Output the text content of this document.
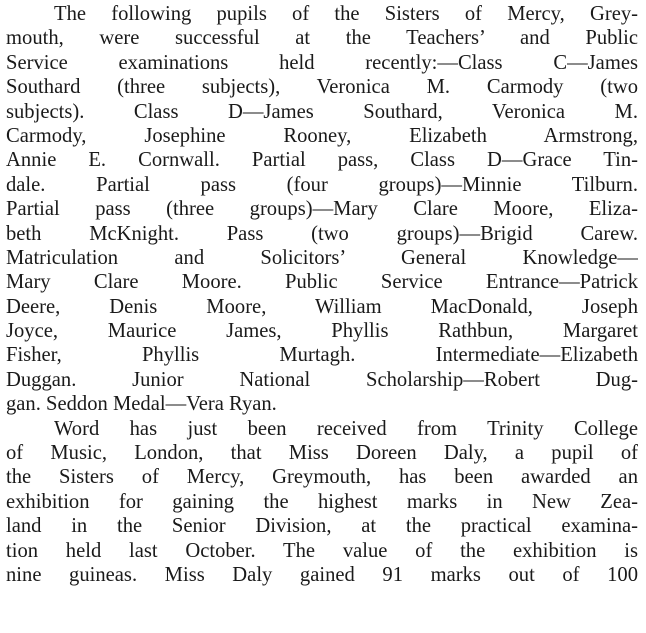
The following pupils of the Sisters of Mercy, Grey-
mouth, were successful at the Teachers’ and Public
Service examinations held recently:—Class C—James
Southard (three subjects), Veronica M. Carmody (two
subjects). Class D—James Southard, Veronica M.
Carmody, Josephine Rooney, Elizabeth Armstrong,
Annie E. Cornwall. Partial pass, Class D—Grace Tin-
dale. Partial pass (four groups)—Minnie Tilburn.
Partial pass (three groups)—Mary Clare Moore, Eliza-
beth McKnight. Pass (two groups)—Brigid Carew.
Matriculation and Solicitors’ General Knowledge—
Mary Clare Moore. Public Service Entrance—Patrick
Deere, Denis Moore, William MacDonald, Joseph
Joyce, Maurice James, Phyllis Rathbun, Margaret
Fisher, Phyllis Murtagh. Intermediate—Elizabeth
Duggan. Junior National Scholarship—Robert Dug-
gan. Seddon Medal—Vera Ryan.
Word has just been received from Trinity College
of Music, London, that Miss Doreen Daly, a pupil of
the Sisters of Mercy, Greymouth, has been awarded an
exhibition for gaining the highest marks in New Zea-
land in the Senior Division, at the practical examina-
tion held last October. The value of the exhibition is
nine guineas. Miss Daly gained 91 marks out of 100
